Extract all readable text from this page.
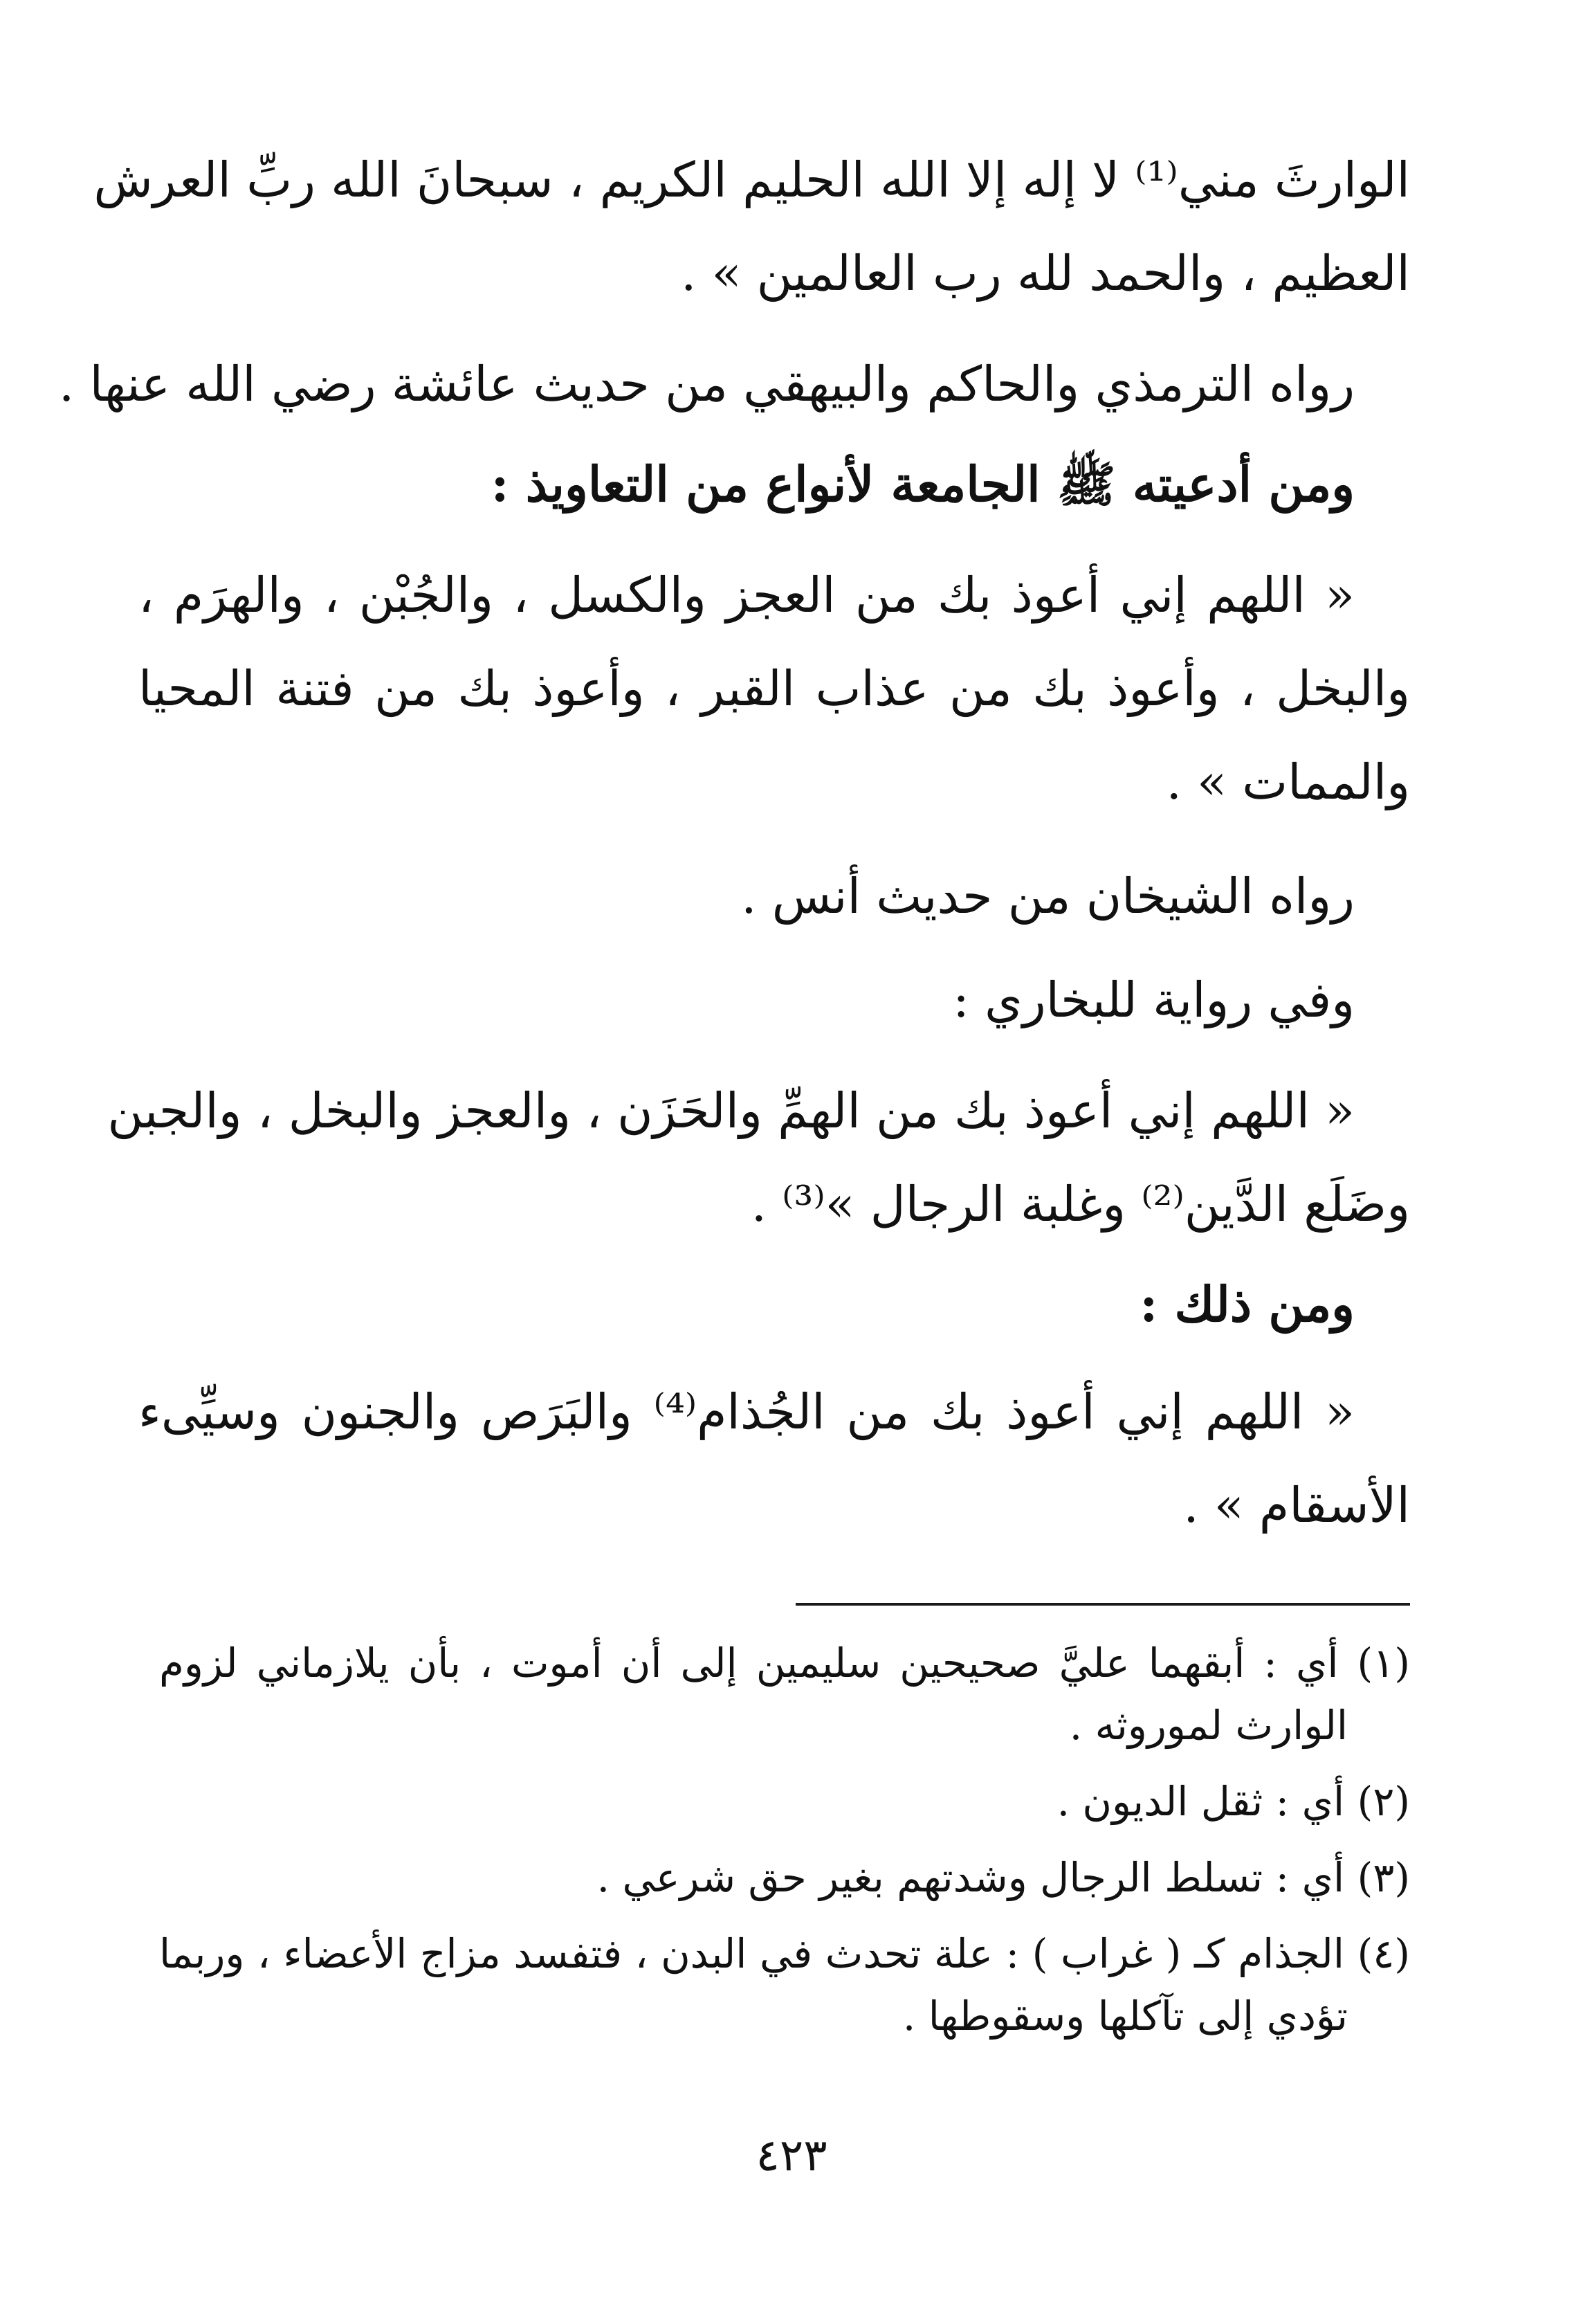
الوارثَ مني⁽¹⁾ لا إله إلا الله الحليم الكريم ، سبحانَ الله ربِّ العرش
العظيم ، والحمد لله رب العالمين » .
رواه الترمذي والحاكم والبيهقي من حديث عائشة رضي الله عنها .
ومن أدعيته ﷺ الجامعة لأنواع من التعاويذ :
« اللهم إني أعوذ بك من العجز والكسل ، والجُبْن ، والهرَم ،
والبخل ، وأعوذ بك من عذاب القبر ، وأعوذ بك من فتنة المحيا
والممات » .
رواه الشيخان من حديث أنس .
وفي رواية للبخاري :
« اللهم إني أعوذ بك من الهمِّ والحَزَن ، والعجز والبخل ، والجبن
وضَلَع الدَّين⁽²⁾ وغلبة الرجال »⁽³⁾ .
ومن ذلك :
« اللهم إني أعوذ بك من الجُذام⁽⁴⁾ والبَرَص والجنون وسيِّىء
الأسقام » .
(١) أي : أبقهما عليَّ صحيحين سليمين إلى أن أموت ، بأن يلازماني لزوم
الوارث لموروثه .
(٢) أي : ثقل الديون .
(٣) أي : تسلط الرجال وشدتهم بغير حق شرعي .
(٤) الجذام كـ ( غراب ) : علة تحدث في البدن ، فتفسد مزاج الأعضاء ، وربما
تؤدي إلى تآكلها وسقوطها .
٤٢٣
